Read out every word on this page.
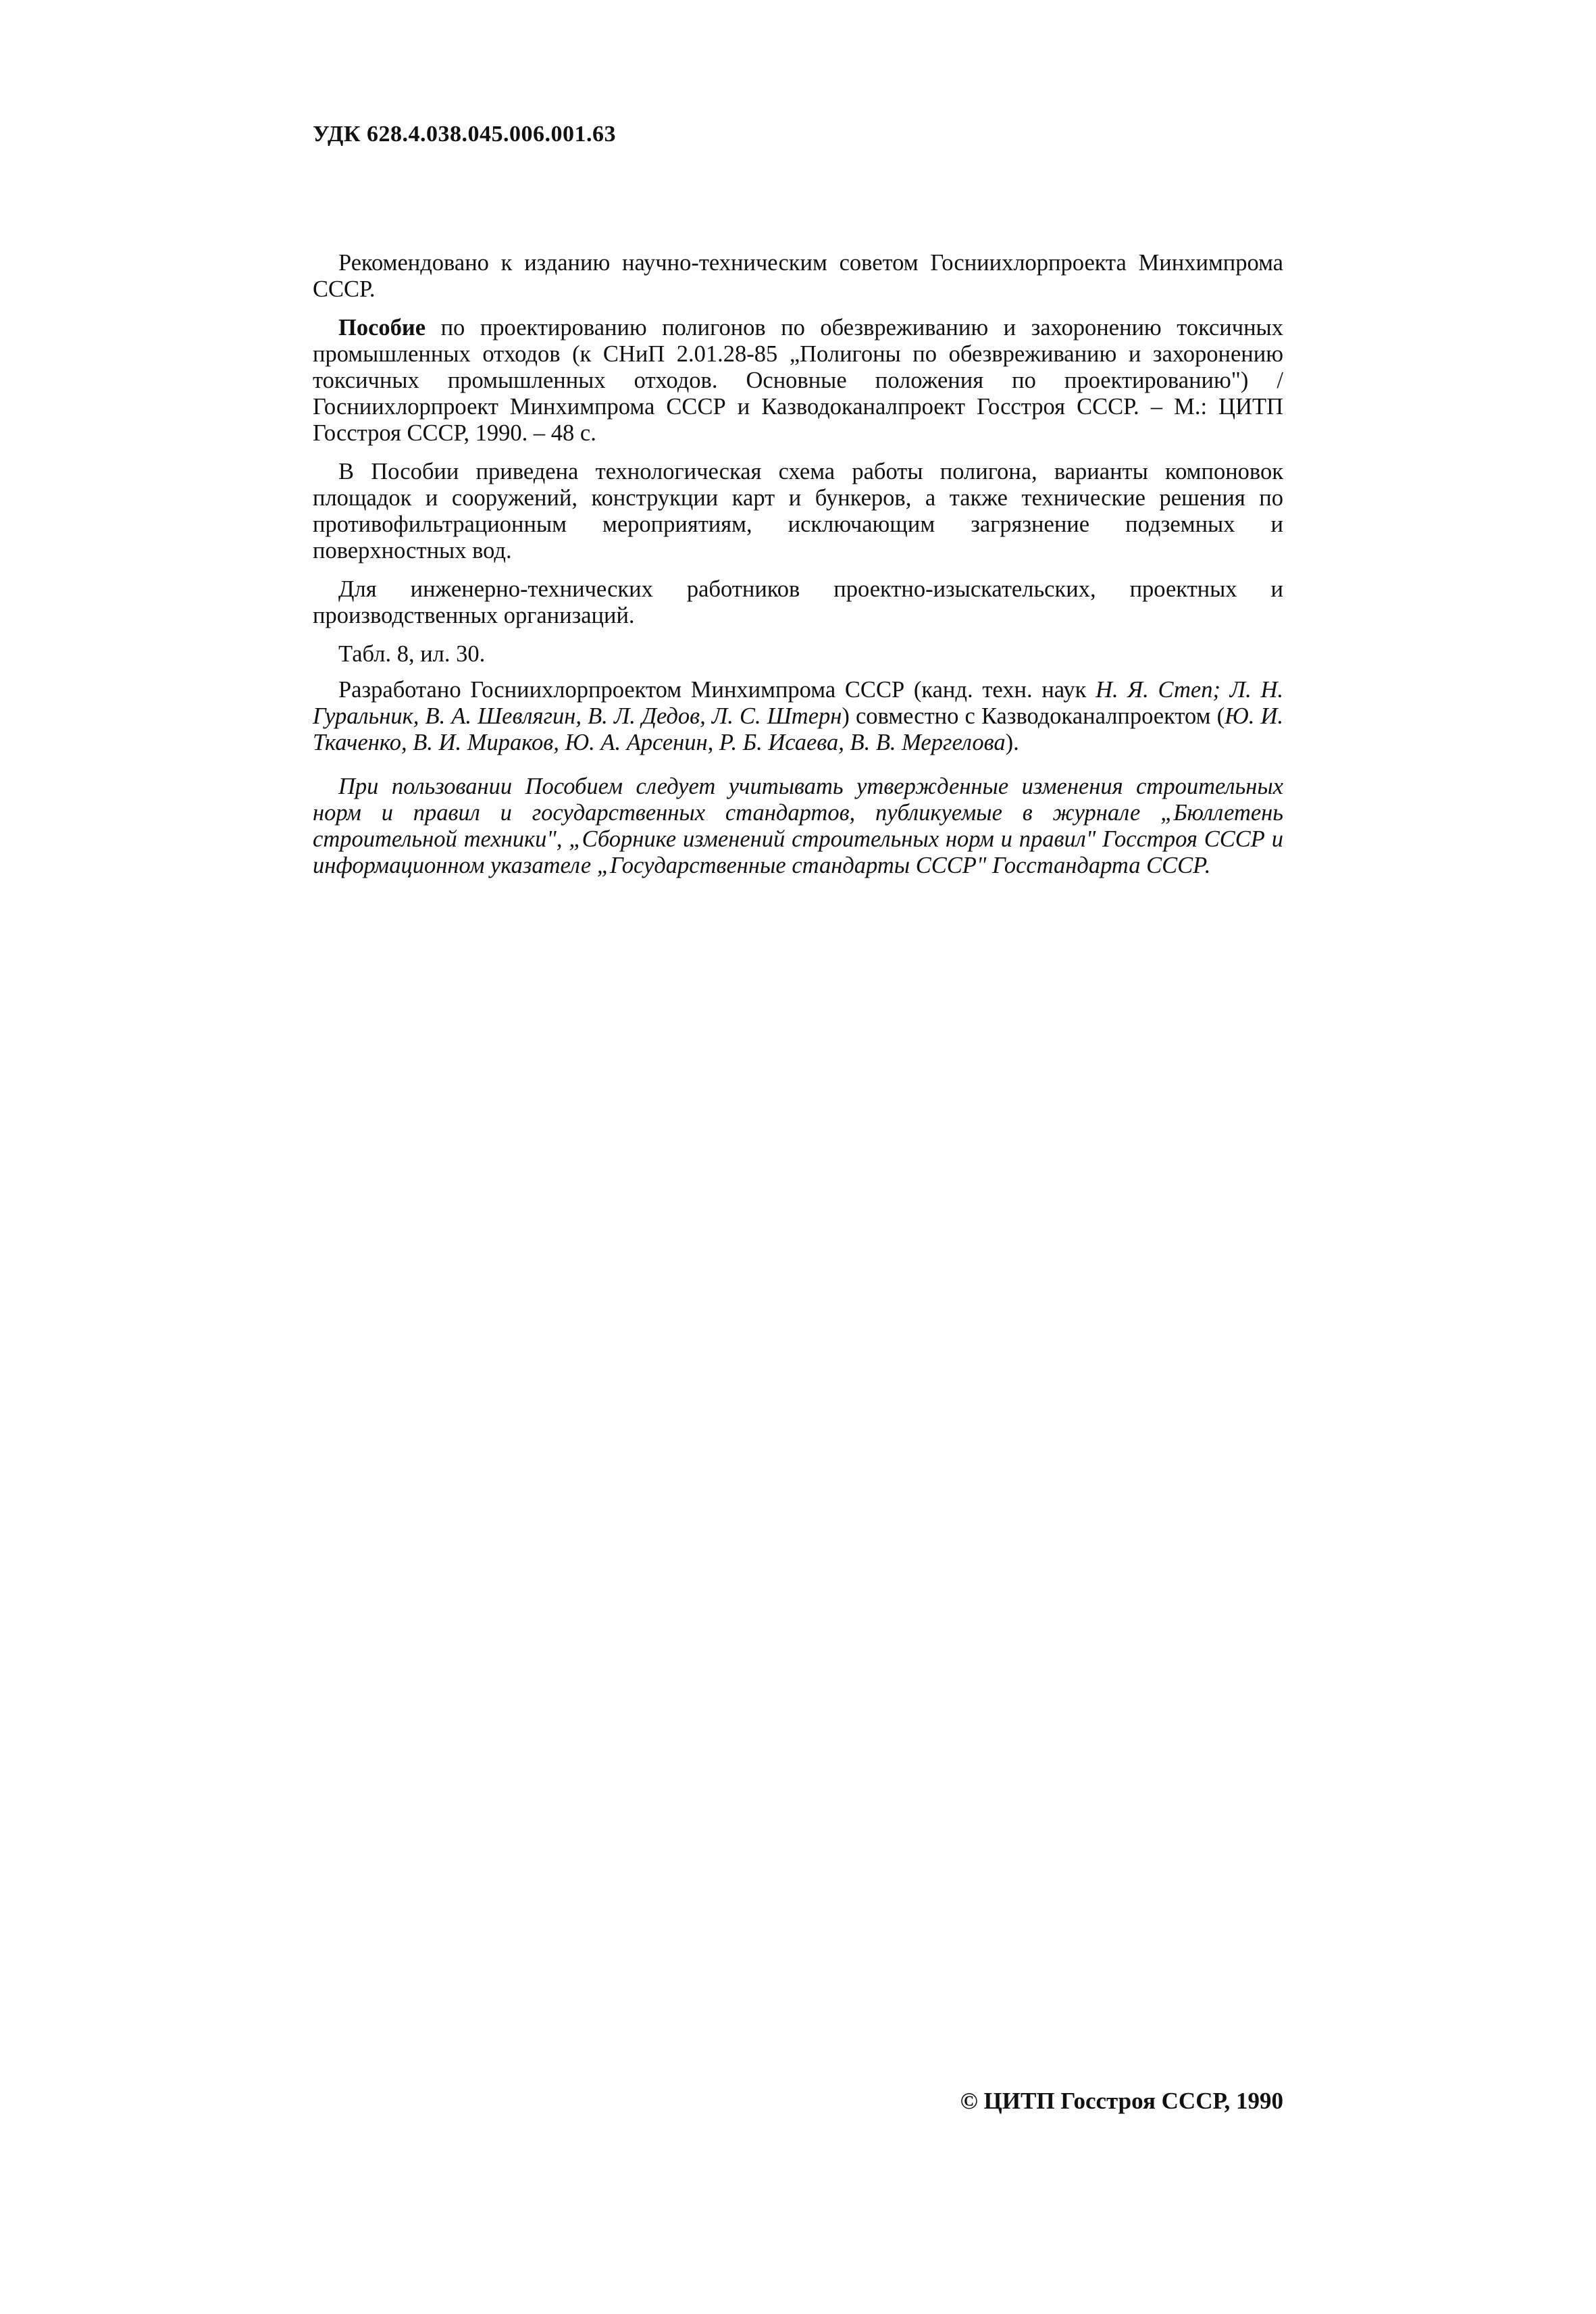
УДК 628.4.038.045.006.001.63

Рекомендовано к изданию научно-техническим советом Госниихлорпроекта Минхимпрома СССР.

Пособие по проектированию полигонов по обезвреживанию и захоронению токсичных промышленных отходов (к СНиП 2.01.28-85 „Полигоны по обезвреживанию и захоронению токсичных промышленных отходов. Основные положения по проектированию") /Госниихлорпроект Минхимпрома СССР и Казводоканалпроект Госстроя СССР. – М.: ЦИТП Госстроя СССР, 1990. – 48 с.

В Пособии приведена технологическая схема работы полигона, варианты компоновок площадок и сооружений, конструкции карт и бункеров, а также технические решения по противофильтрационным мероприятиям, исключающим загрязнение подземных и поверхностных вод.

Для инженерно-технических работников проектно-изыскательских, проектных и производственных организаций.

Табл. 8, ил. 30.

Разработано Госниихлорпроектом Минхимпрома СССР (канд. техн. наук Н. Я. Степ; Л. Н. Гуральник, В. А. Шевлягин, В. Л. Дедов, Л. С. Штерн) совместно с Казводоканалпроектом (Ю. И. Ткаченко, В. И. Мираков, Ю. А. Арсенин, Р. Б. Исаева, В. В. Мергелова).

При пользовании Пособием следует учитывать утвержденные изменения строительных норм и правил и государственных стандартов, публикуемые в журнале „Бюллетень строительной техники", „Сборнике изменений строительных норм и правил" Госстроя СССР и информационном указателе „Государственные стандарты СССР" Госстандарта СССР.

© ЦИТП Госстроя СССР, 1990
